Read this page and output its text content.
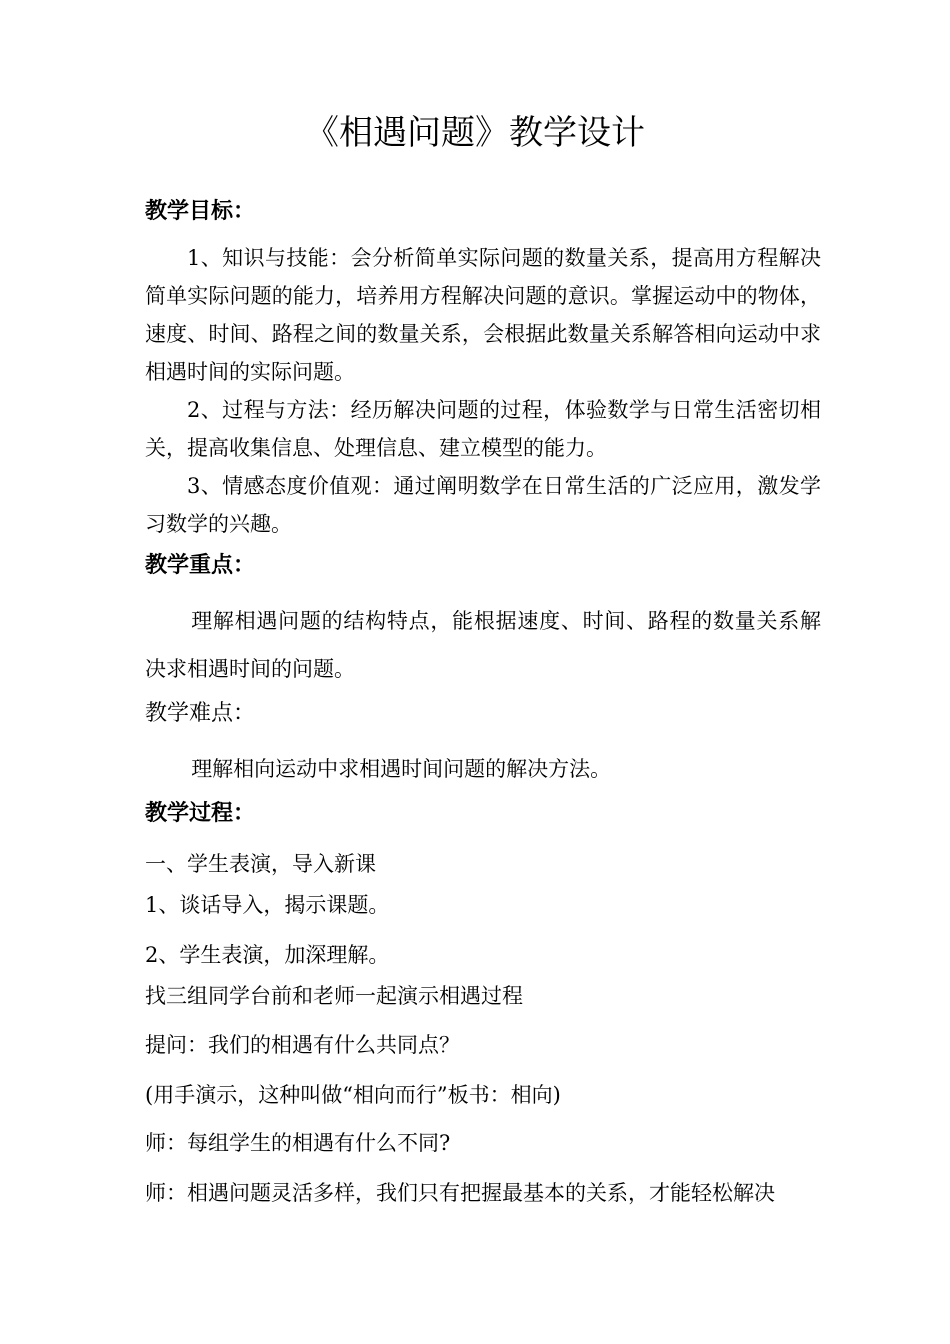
《相遇问题》教学设计
教学目标：

1、知识与技能：会分析简单实际问题的数量关系，提高用方程解决简单实际问题的能力，培养用方程解决问题的意识。掌握运动中的物体，速度、时间、路程之间的数量关系，会根据此数量关系解答相向运动中求相遇时间的实际问题。

2、过程与方法：经历解决问题的过程，体验数学与日常生活密切相关，提高收集信息、处理信息、建立模型的能力。

3、情感态度价值观：通过阐明数学在日常生活的广泛应用，激发学习数学的兴趣。

教学重点：

理解相遇问题的结构特点，能根据速度、时间、路程的数量关系解决求相遇时间的问题。

教学难点：

理解相向运动中求相遇时间问题的解决方法。

教学过程：

一、学生表演，导入新课

1、谈话导入，揭示课题。

2、学生表演，加深理解。

找三组同学台前和老师一起演示相遇过程

提问：我们的相遇有什么共同点？

(用手演示，这种叫做“相向而行”板书：相向)

师：每组学生的相遇有什么不同?

师：相遇问题灵活多样，我们只有把握最基本的关系，才能轻松解决
